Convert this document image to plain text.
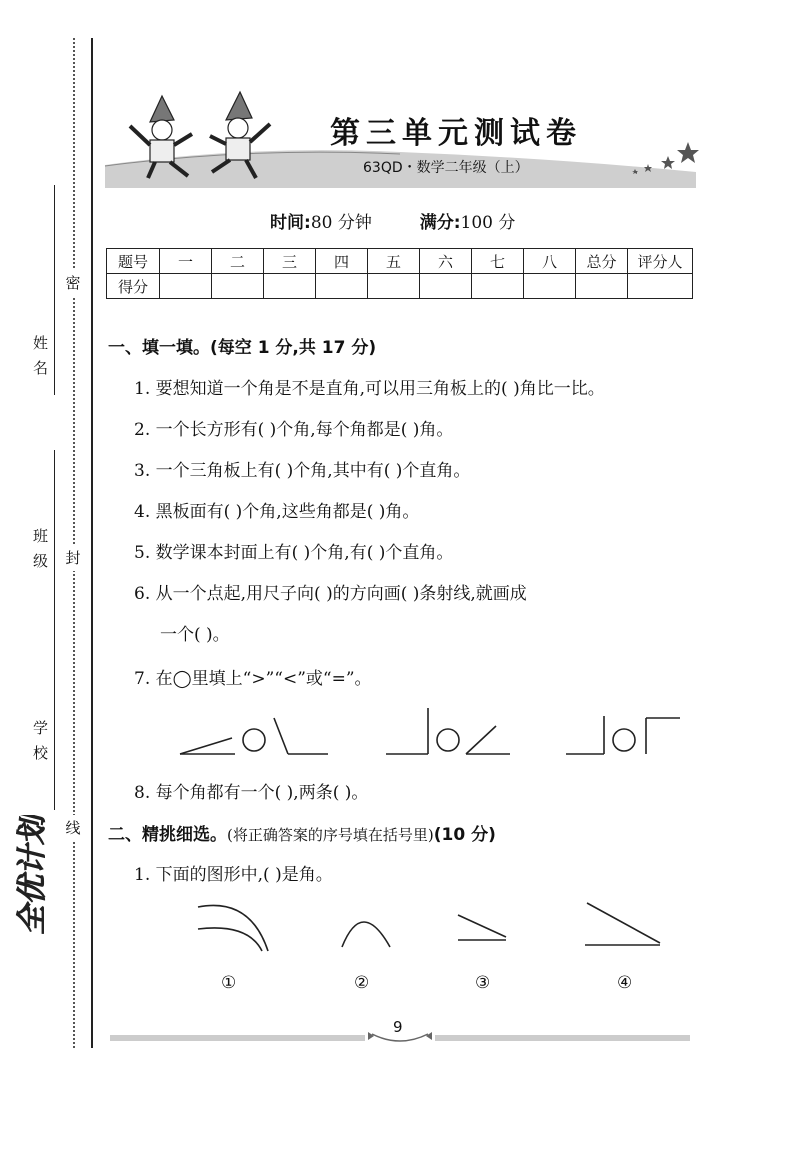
密
封
线
姓名
班级
学校
全优计划
第三单元测试卷
63QD・数学二年级（上）
时间:80 分钟	满分:100 分
题号	一	二	三	四	五	六	七	八	总分	评分人
得分										
一、填一填。(每空 1 分,共 17 分)
1. 要想知道一个角是不是直角,可以用三角板上的( )角比一比。
2. 一个长方形有( )个角,每个角都是( )角。
3. 一个三角板上有( )个角,其中有( )个直角。
4. 黑板面有( )个角,这些角都是( )角。
5. 数学课本封面上有( )个角,有( )个直角。
6. 从一个点起,用尺子向( )的方向画( )条射线,就画成
一个( )。
7. 在◯里填上“>”“<”或“=”。
8. 每个角都有一个( ),两条( )。
二、精挑细选。(将正确答案的序号填在括号里)(10 分)
1. 下面的图形中,( )是角。
①	②	③	④
9
